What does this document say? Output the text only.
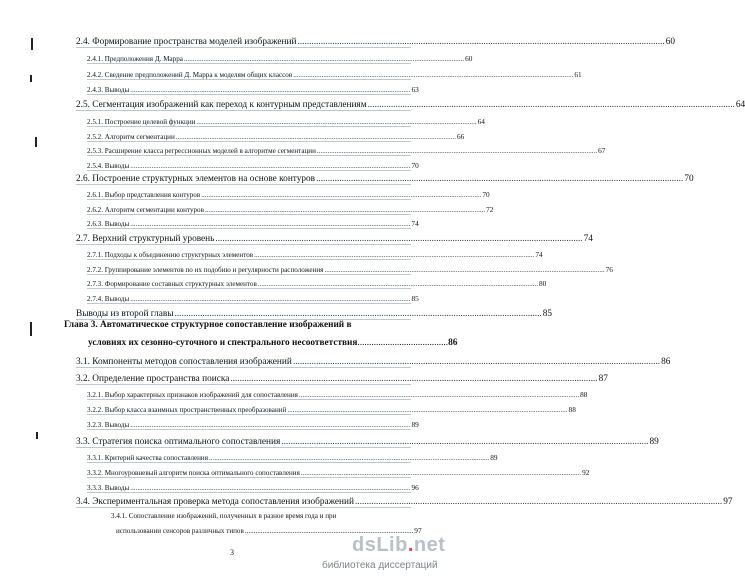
2.4. Формирование пространства моделей изображений .............................................................................................................................................................. 60
2.4.1. Предположения Д. Марра .............................................................................................................................................................. 60
2.4.2. Сведение предположений Д. Марра к моделям общих классов .............................................................................................................................................................. 61
2.4.3. Выводы .............................................................................................................................................................. 63
2.5. Сегментация изображений как переход к контурным представлениям .............................................................................................................................................................. 64
2.5.1. Построение целевой функции .............................................................................................................................................................. 64
2.5.2. Алгоритм сегментации .............................................................................................................................................................. 66
2.5.3. Расширение класса регрессионных моделей в алгоритме сегментации .............................................................................................................................................................. 67
2.5.4. Выводы .............................................................................................................................................................. 70
2.6. Построение структурных элементов на основе контуров .............................................................................................................................................................. 70
2.6.1. Выбор представления контуров .............................................................................................................................................................. 70
2.6.2. Алгоритм сегментации контуров .............................................................................................................................................................. 72
2.6.3. Выводы .............................................................................................................................................................. 74
2.7. Верхний структурный уровень .............................................................................................................................................................. 74
2.7.1. Подходы к объединению структурных элементов .............................................................................................................................................................. 74
2.7.2. Группирование элементов по их подобию и регулярности расположения .............................................................................................................................................................. 76
2.7.3. Формирование составных структурных элементов .............................................................................................................................................................. 80
2.7.4. Выводы .............................................................................................................................................................. 85
Выводы из второй главы .............................................................................................................................................................. 85
3.1. Компоненты методов сопоставления изображений .............................................................................................................................................................. 86
3.2. Определение пространства поиска .............................................................................................................................................................. 87
3.2.1. Выбор характерных признаков изображений для сопоставления .............................................................................................................................................................. 88
3.2.2. Выбор класса взаимных пространственных преобразований .............................................................................................................................................................. 88
3.2.3. Выводы .............................................................................................................................................................. 89
3.3. Стратегия поиска оптимального сопоставления .............................................................................................................................................................. 89
3.3.1. Критерий качества сопоставления .............................................................................................................................................................. 89
3.3.2. Многоуровневый алгоритм поиска оптимального сопоставления .............................................................................................................................................................. 92
3.3.3. Выводы .............................................................................................................................................................. 96
3.4. Экспериментальная проверка метода сопоставления изображений .............................................................................................................................................................. 97
Глава 3. Автоматическое структурное сопоставление изображений в
условиях их сезонно-суточного и спектрального несоответствия ....................................... 86
3.4.1. Сопоставление изображений, полученных в разное время года и при
использовании сенсоров различных типов ............................................................................................... 97
3	dsLib.net
библиотека диссертаций
